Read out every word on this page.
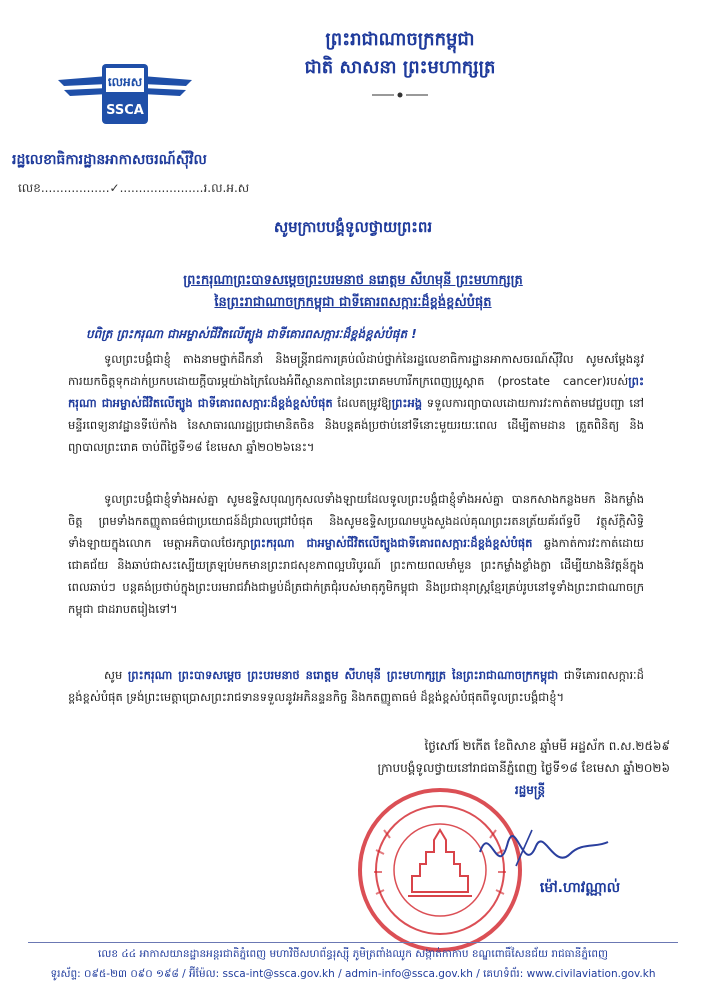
ព្រះរាជាណាចក្រកម្ពុជា
ជាតិ សាសនា ព្រះមហាក្សត្រ
លេអស
SSCA
រដ្ឋលេខាធិការដ្ឋានអាកាសចរណ៍ស៊ីវិល
លេខ..................✓......................រ.ល.អ.ស
សូមក្រាបបង្គំទូលថ្វាយព្រះពរ
ព្រះករុណាព្រះបាទសម្តេចព្រះបរមនាថ នរោត្តម សីហមុនី ព្រះមហាក្សត្រ
នៃព្រះរាជាណាចក្រកម្ពុជា ជាទីគោរពសក្ការៈដ៏ខ្ពង់ខ្ពស់បំផុត
បពិត្រ ព្រះករុណា ជាអម្ចាស់ជីវិតលើត្បូង ជាទីគោរពសក្ការៈដ៏ខ្ពង់ខ្ពស់បំផុត !
ទូលព្រះបង្គំជាខ្ញុំ តាងនាមថ្នាក់ដឹកនាំ និងមន្ត្រីរាជការគ្រប់លំដាប់ថ្នាក់នៃរដ្ឋលេខាធិការដ្ឋានអាកាសចរណ៍ស៊ីវិល សូមសម្តែងនូវការយកចិត្តទុកដាក់ប្រកបដោយក្តីបារម្ភយ៉ាងក្រៃលែងអំពីស្ថានភាពនៃព្រះរោគមហារីកក្រពេញប្រូស្តាត (prostate cancer)របស់ព្រះករុណា ជាអម្ចាស់ជីវិតលើត្បូង ជាទីគោរពសក្ការៈដ៏ខ្ពង់ខ្ពស់បំផុត ដែលតម្រូវឱ្យព្រះអង្គ ទទួលការព្យាបាលដោយការវះកាត់តាមវេជ្ជបញ្ជា នៅមន្ទីរពេទ្យនាវដ្ឋានទីប៉េកាំង នៃសាធារណរដ្ឋប្រជាមានិតចិន និងបន្តគង់ប្រថាប់នៅទីនោះមួយរយៈពេល ដើម្បីតាមដាន ត្រួតពិនិត្យ និងព្យាបាលព្រះរោគ ចាប់ពីថ្ងៃទី១៨ ខែមេសា ឆ្នាំ២០២៦នេះ។
ទូលព្រះបង្គំជាខ្ញុំទាំងអស់គ្នា សូមឧទ្ទិសបុណ្យកុសលទាំងឡាយដែលទូលព្រះបង្គំជាខ្ញុំទាំងអស់គ្នា បានកសាងកន្លងមក និងកម្លាំងចិត្ត ព្រមទាំងកតញ្ញូតាធម៌ជាប្រយោជន៍ដ៏ជ្រាលជ្រៅបំផុត និងសូមឧទ្ទិសប្រណមបួងសួងដល់គុណព្រះរតនត្រ័យគ័រព័ទ្ធបី វត្ថុស័ក្តិសិទ្ធិទាំងឡាយក្នុងលោក មេត្តាអភិបាលថែរក្សាព្រះករុណា ជាអម្ចាស់ជីវិតលើត្បូងជាទីគោរពសក្ការៈដ៏ខ្ពង់ខ្ពស់បំផុត ឆ្លងកាត់ការវះកាត់ដោយជោគជ័យ និងឆាប់ជាសះស្បើយត្រឡប់មកមានព្រះរាជសុខភាពល្អបរិបូរណ៍ ព្រះកាយពលមាំមួន ព្រះកម្លាំងខ្លាំងក្លា ដើម្បីយាងនិវត្តន៍ក្នុងពេលឆាប់ៗ បន្តគង់ប្រថាប់ក្នុងព្រះបរមរាជវាំងជាម្លប់ដ៏ត្រជាក់ត្រជុំរបស់មាតុភូមិកម្ពុជា និងប្រជានុរាស្ត្រខ្មែរគ្រប់រូបនៅទូទាំងព្រះរាជាណាចក្រកម្ពុជា ជាដរាបតរៀងទៅ។
សូម ព្រះករុណា ព្រះបាទសម្តេច ព្រះបរមនាថ នរោត្តម សីហមុនី ព្រះមហាក្សត្រ នៃព្រះរាជាណាចក្រកម្ពុជា ជាទីគោរពសក្ការៈដ៏ខ្ពង់ខ្ពស់បំផុត ទ្រង់ព្រះមេត្តាប្រោសព្រះរាជទានទទួលនូវអភិនន្ទនកិច្ច និងកតញ្ញូតាធម៌ ដ៏ខ្ពង់ខ្ពស់បំផុតពីទូលព្រះបង្គំជាខ្ញុំ។
ថ្ងៃសៅរ៍ ២កើត ខែពិសាខ ឆ្នាំមមី អដ្ឋស័ក ព.ស.២៥៦៩
ក្រាបបង្គំទូលថ្វាយនៅរាជធានីភ្នំពេញ ថ្ងៃទី១៨ ខែមេសា ឆ្នាំ២០២៦
រដ្ឋមន្ត្រី
ម៉ៅ.ហាវណ្ណាល់
លេខ ៤៤ អាកាសយានដ្ឋានអន្តរជាតិភ្នំពេញ មហាវិថីសហព័ន្ធរុស្ស៊ី ភូមិត្រពាំងឈូក សង្កាត់កាកាប ខណ្ឌពោធិ៍សែនជ័យ រាជធានីភ្នំពេញ
ទូរស័ព្ទ: ០៩៥-២៣ ០៩០ ១៩៨ / អ៊ីម៉ែល: ssca-int@ssca.gov.kh / admin-info@ssca.gov.kh / គេហទំព័រ: www.civilaviation.gov.kh
